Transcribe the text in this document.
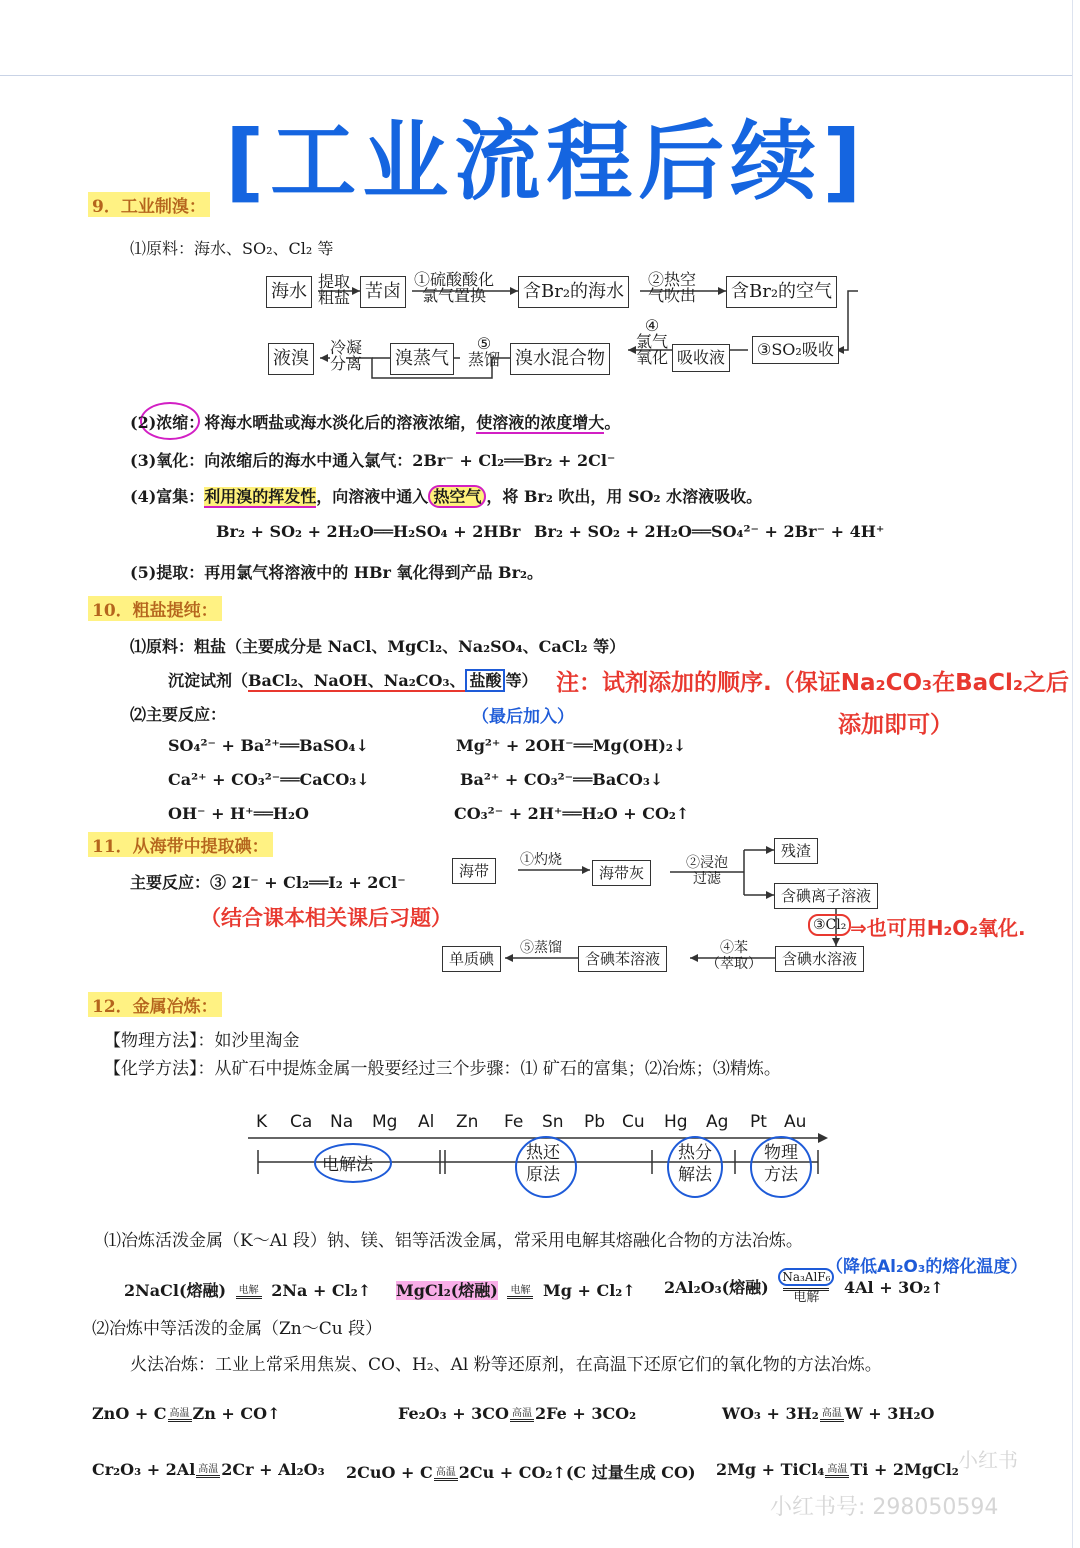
[工业流程后续]
9．工业制溴：
⑴原料：海水、SO₂、Cl₂ 等
海水 提取
粗盐 苦卤
①硫酸酸化
氯气置换	含Br₂的海水
②热空
气吹出 含Br₂的空气
③SO₂吸收
吸收液
④
氯气
氧化
溴水混合物
⑤
蒸馏
溴蒸气
冷凝
分离
液溴
(2)浓缩：将海水晒盐或海水淡化后的溶液浓缩，使溶液的浓度增大。
(3)氧化：向浓缩后的海水中通入氯气：2Br⁻ + Cl₂══Br₂ + 2Cl⁻
(4)富集：利用溴的挥发性，向溶液中通入 热空气 ，将 Br₂ 吹出，用 SO₂ 水溶液吸收。
Br₂ + SO₂ + 2H₂O══H₂SO₄ + 2HBr Br₂ + SO₂ + 2H₂O══SO₄²⁻ + 2Br⁻ + 4H⁺
(5)提取：再用氯气将溶液中的 HBr 氧化得到产品 Br₂。
10．粗盐提纯：
⑴原料：粗盐（主要成分是 NaCl、MgCl₂、Na₂SO₄、CaCl₂ 等）
沉淀试剂（BaCl₂、NaOH、Na₂CO₃、 盐酸 等） 注：试剂添加的顺序.（保证Na₂CO₃在BaCl₂之后
添加即可）
（最后加入）
⑵主要反应：
SO₄²⁻ + Ba²⁺══BaSO₄↓	Mg²⁺ + 2OH⁻══Mg(OH)₂↓
Ca²⁺ + CO₃²⁻══CaCO₃↓	Ba²⁺ + CO₃²⁻══BaCO₃↓
OH⁻ + H⁺══H₂O	CO₃²⁻ + 2H⁺══H₂O + CO₂↑
11．从海带中提取碘：
主要反应：③ 2I⁻ + Cl₂══I₂ + 2Cl⁻
（结合课本相关课后习题）
海带
①灼烧
海带灰
②浸泡
过滤
残渣
含碘离子溶液
③Cl₂ ⇒也可用H₂O₂氧化.
含碘水溶液
④苯
（萃取）
含碘苯溶液
⑤蒸馏
单质碘
12．金属冶炼：
【物理方法】：如沙里淘金
【化学方法】：从矿石中提炼金属一般要经过三个步骤：⑴ 矿石的富集；⑵冶炼；⑶精炼。
K Ca Na Mg Al Zn Fe Sn Pb Cu Hg Ag Pt Au
电解法
热还
原法
热分
解法
物理
方法
⑴冶炼活泼金属（K～Al 段）钠、镁、铝等活泼金属，常采用电解其熔融化合物的方法冶炼。
（降低Al₂O₃的熔化温度）
2NaCl(熔融)	电解 2Na + Cl₂↑ MgCl₂(熔融)	电解 Mg + Cl₂↑ 2Al₂O₃(熔融)
Na₃AlF₆
电解
4Al + 3O₂↑
⑵冶炼中等活泼的金属（Zn～Cu 段）
火法冶炼：工业上常采用焦炭、CO、H₂、Al 粉等还原剂，在高温下还原它们的氧化物的方法冶炼。
ZnO + C 高温 Zn + CO↑	Fe₂O₃ + 3CO 高温 2Fe + 3CO₂	WO₃ + 3H₂ 高温 W + 3H₂O
Cr₂O₃ + 2Al 高温 2Cr + Al₂O₃ 2CuO + C 高温 2Cu + CO₂↑(C 过量生成 CO) 2Mg + TiCl₄ 高温 Ti + 2MgCl₂ 小红书
小红书号: 298050594
